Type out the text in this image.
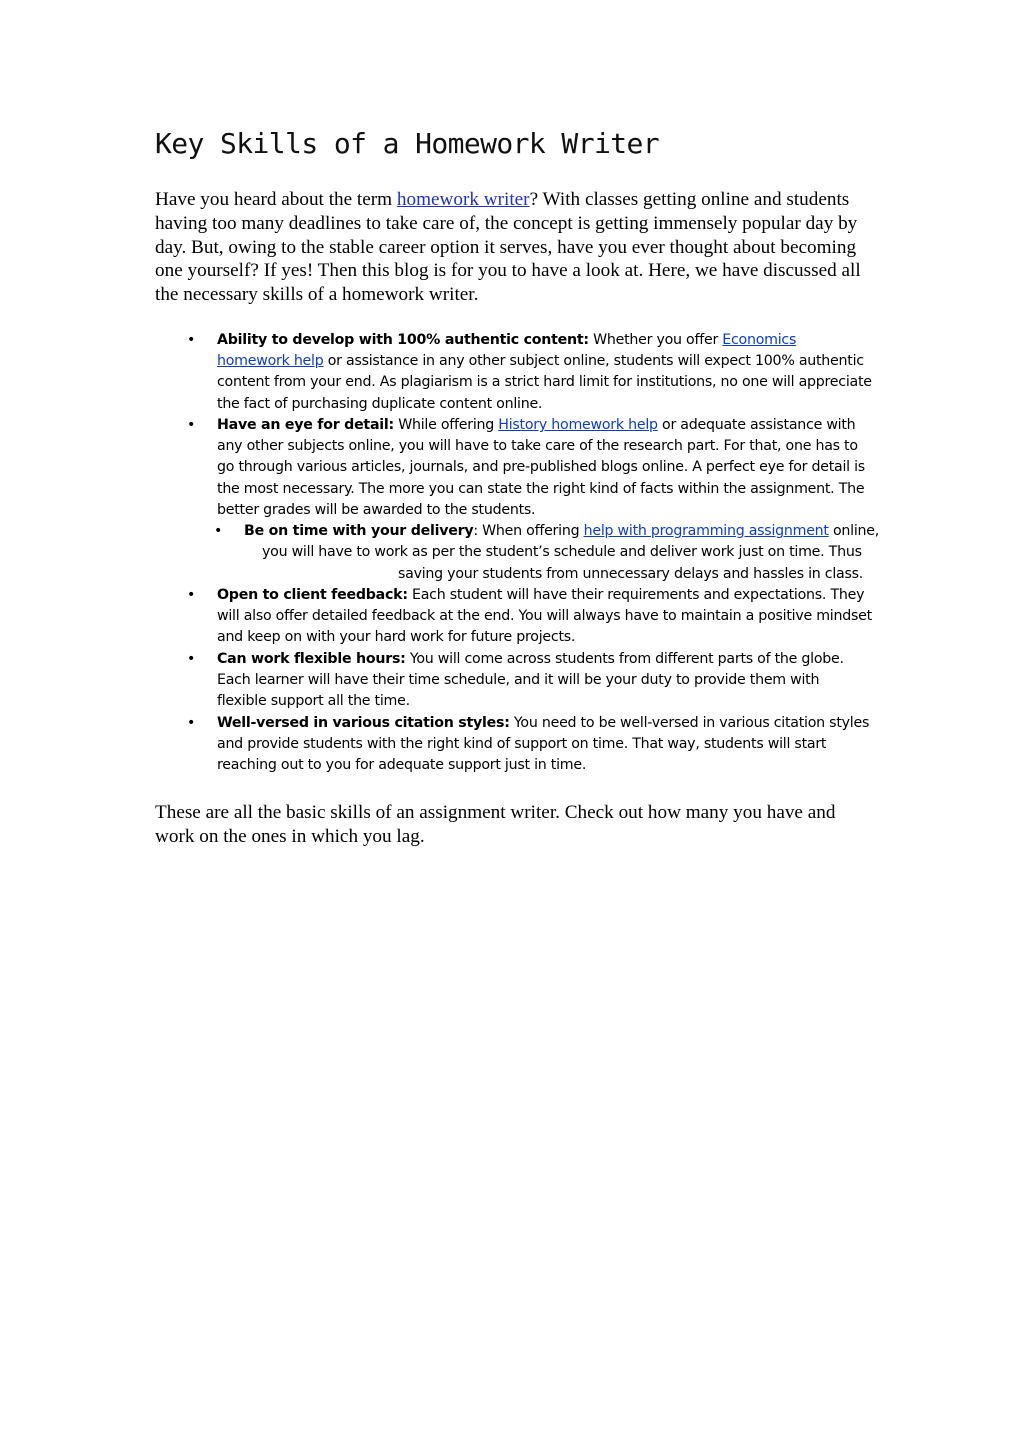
Key Skills of a Homework Writer

Have you heard about the term homework writer? With classes getting online and students having too many deadlines to take care of, the concept is getting immensely popular day by day. But, owing to the stable career option it serves, have you ever thought about becoming one yourself? If yes! Then this blog is for you to have a look at. Here, we have discussed all the necessary skills of a homework writer.

• Ability to develop with 100% authentic content: Whether you offer Economics homework help or assistance in any other subject online, students will expect 100% authentic content from your end. As plagiarism is a strict hard limit for institutions, no one will appreciate the fact of purchasing duplicate content online.
• Have an eye for detail: While offering History homework help or adequate assistance with any other subjects online, you will have to take care of the research part. For that, one has to go through various articles, journals, and pre-published blogs online. A perfect eye for detail is the most necessary. The more you can state the right kind of facts within the assignment. The better grades will be awarded to the students.
• Be on time with your delivery: When offering help with programming assignment online,
you will have to work as per the student’s schedule and deliver work just on time. Thus
saving your students from unnecessary delays and hassles in class.
• Open to client feedback: Each student will have their requirements and expectations. They will also offer detailed feedback at the end. You will always have to maintain a positive mindset and keep on with your hard work for future projects.
• Can work flexible hours: You will come across students from different parts of the globe. Each learner will have their time schedule, and it will be your duty to provide them with flexible support all the time.
• Well-versed in various citation styles: You need to be well-versed in various citation styles and provide students with the right kind of support on time. That way, students will start reaching out to you for adequate support just in time.

These are all the basic skills of an assignment writer. Check out how many you have and work on the ones in which you lag.
